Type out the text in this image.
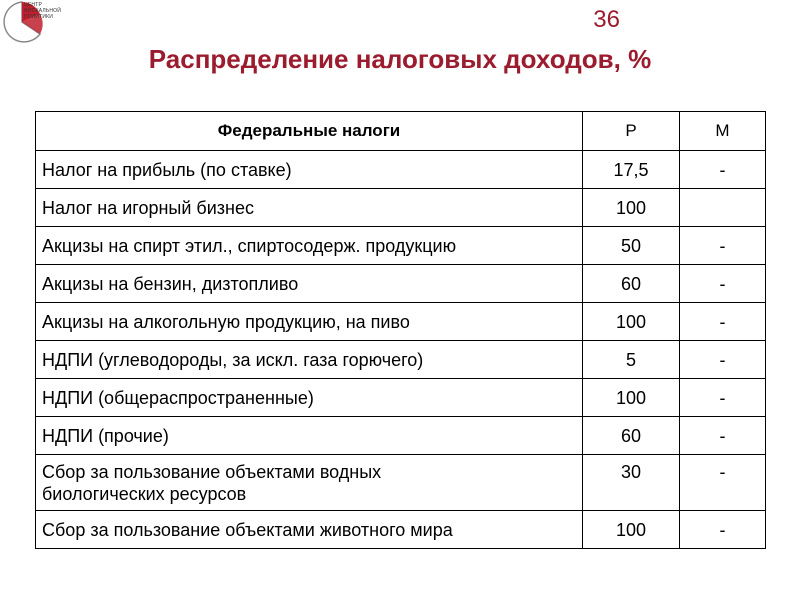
ЦЕНТР
ФИСКАЛЬНОЙ
ПОЛИТИКИ	36
Распределение налоговых доходов, %
Федеральные налоги	Р	М
Налог на прибыль (по ставке)	17,5	-
Налог на игорный бизнес	100	
Акцизы на спирт этил., спиртосодерж. продукцию	50	-
Акцизы на бензин, дизтопливо	60	-
Акцизы на алкогольную продукцию, на пиво	100	-
НДПИ (углеводороды, за искл. газа горючего)	5	-
НДПИ (общераспространенные)	100	-
НДПИ (прочие)	60	-

Сбор за пользование объектами водных
биологических ресурсов	30	-
Сбор за пользование объектами животного мира	100	-
